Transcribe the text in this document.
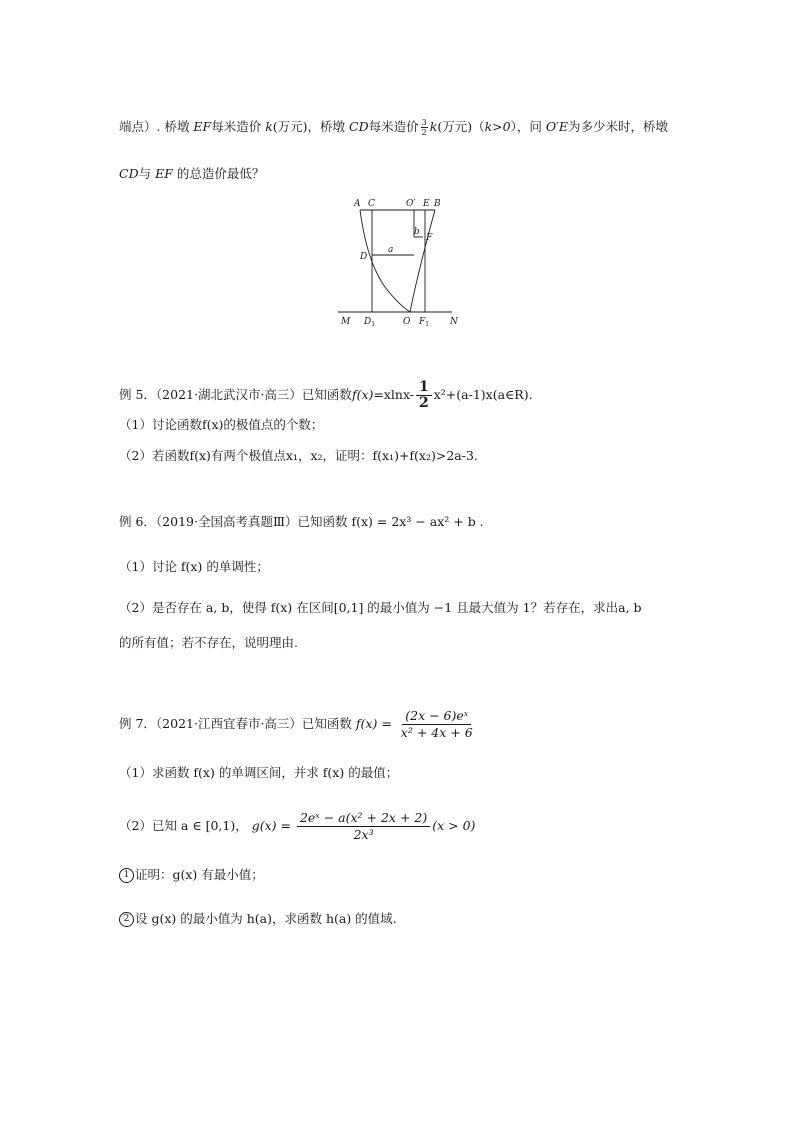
端点）. 桥墩 EF每米造价 k(万元)，桥墩 CD每米造价 $\frac{3}{2} k$(万元)（k>0），问 O′E为多少米时，桥墩
CD与 EF 的总造价最低？
A C	O′ E B
F
D
a
b
M $D_1$	O $F_1$ N
例 5．（2021·湖北武汉市·高三）已知函数$f(x)=xlnx- \frac{1}{2}$ x²+(a-1)x(a∈R).
（1）讨论函数f(x)的极值点的个数；
（2）若函数f(x)有两个极值点x₁，x₂，证明：f(x₁)+f(x₂)>2a-3.
例 6．（2019·全国高考真题Ⅲ）已知函数 f(x) = 2x³ − ax² + b .
（1）讨论 f(x) 的单调性；
（2）是否存在 a, b，使得 f(x) 在区间[0,1] 的最小值为 −1 且最大值为 1？若存在，求出a, b
的所有值；若不存在，说明理由.
例 7．（2021·江西宜春市·高三）已知函数 $f(x) = \frac{\text{(2x − 6)eˣ}}{\text{x² + 4x + 6}}$
（1）求函数 f(x) 的单调区间，并求 f(x) 的最值；
（2）已知 a ∈ [0,1)， $g(x) = \frac{\text{2eˣ − a(x² + 2x + 2)}}{\text{2x³}} (x > 0)$
1 证明：g(x) 有最小值；
2 设 g(x) 的最小值为 h(a)，求函数 h(a) 的值域.
